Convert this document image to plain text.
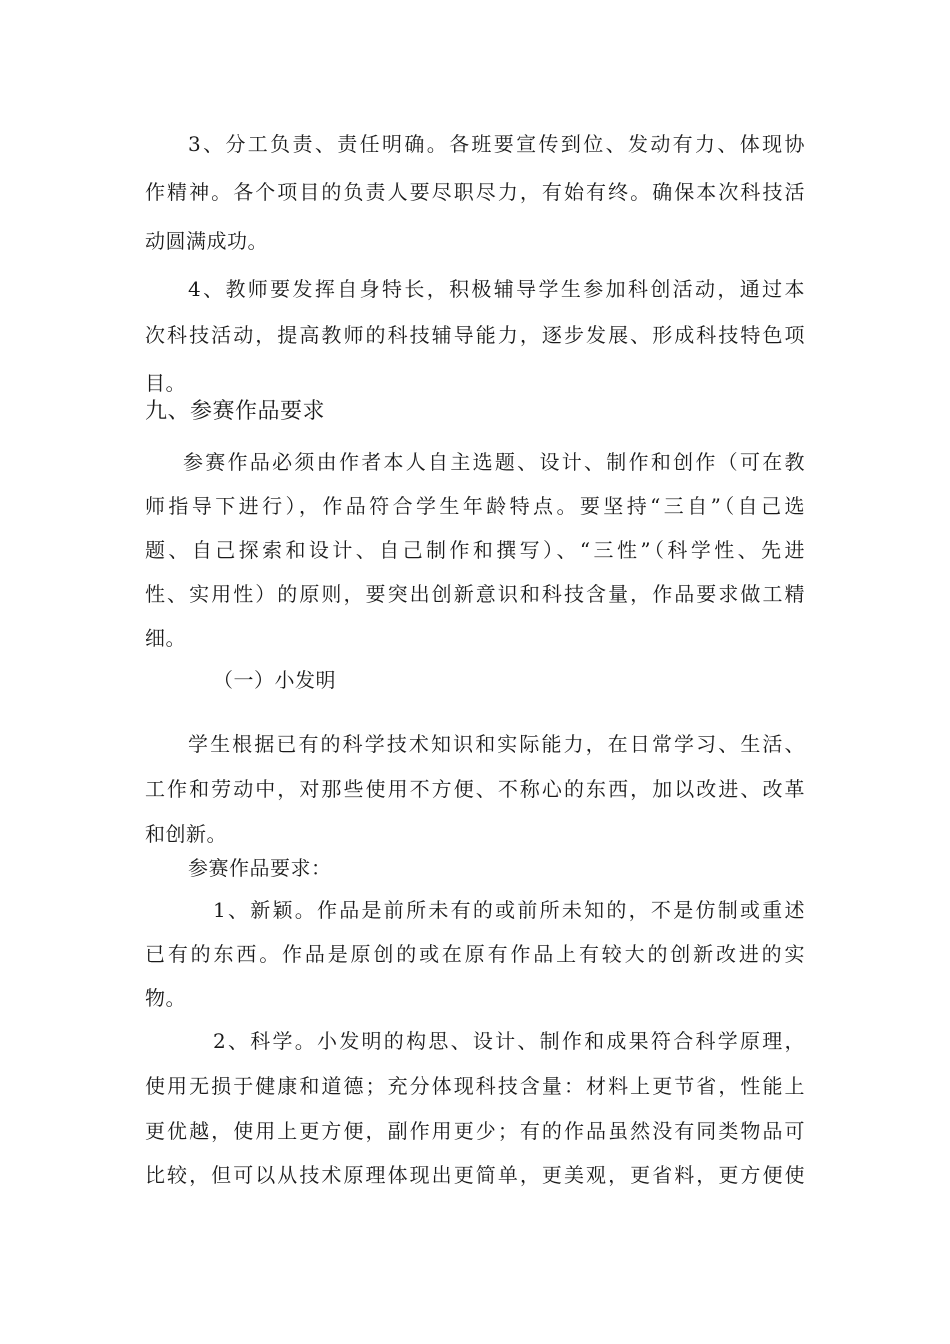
3、分工负责、责任明确。各班要宣传到位、发动有力、体现协
作精神。各个项目的负责人要尽职尽力，有始有终。确保本次科技活
动圆满成功。
4、教师要发挥自身特长，积极辅导学生参加科创活动，通过本
次科技活动，提高教师的科技辅导能力，逐步发展、形成科技特色项
目。
九、参赛作品要求
参赛作品必须由作者本人自主选题、设计、制作和创作（可在教
师指导下进行），作品符合学生年龄特点。要坚持“三自”（自己选
题、自己探索和设计、自己制作和撰写）、“三性”（科学性、先进
性、实用性）的原则，要突出创新意识和科技含量，作品要求做工精
细。
（一）小发明
学生根据已有的科学技术知识和实际能力，在日常学习、生活、
工作和劳动中，对那些使用不方便、不称心的东西，加以改进、改革
和创新。
参赛作品要求：
1、新颖。作品是前所未有的或前所未知的，不是仿制或重述
已有的东西。作品是原创的或在原有作品上有较大的创新改进的实
物。
2、科学。小发明的构思、设计、制作和成果符合科学原理，
使用无损于健康和道德；充分体现科技含量：材料上更节省，性能上
更优越，使用上更方便，副作用更少；有的作品虽然没有同类物品可
比较，但可以从技术原理体现出更简单，更美观，更省料，更方便使
